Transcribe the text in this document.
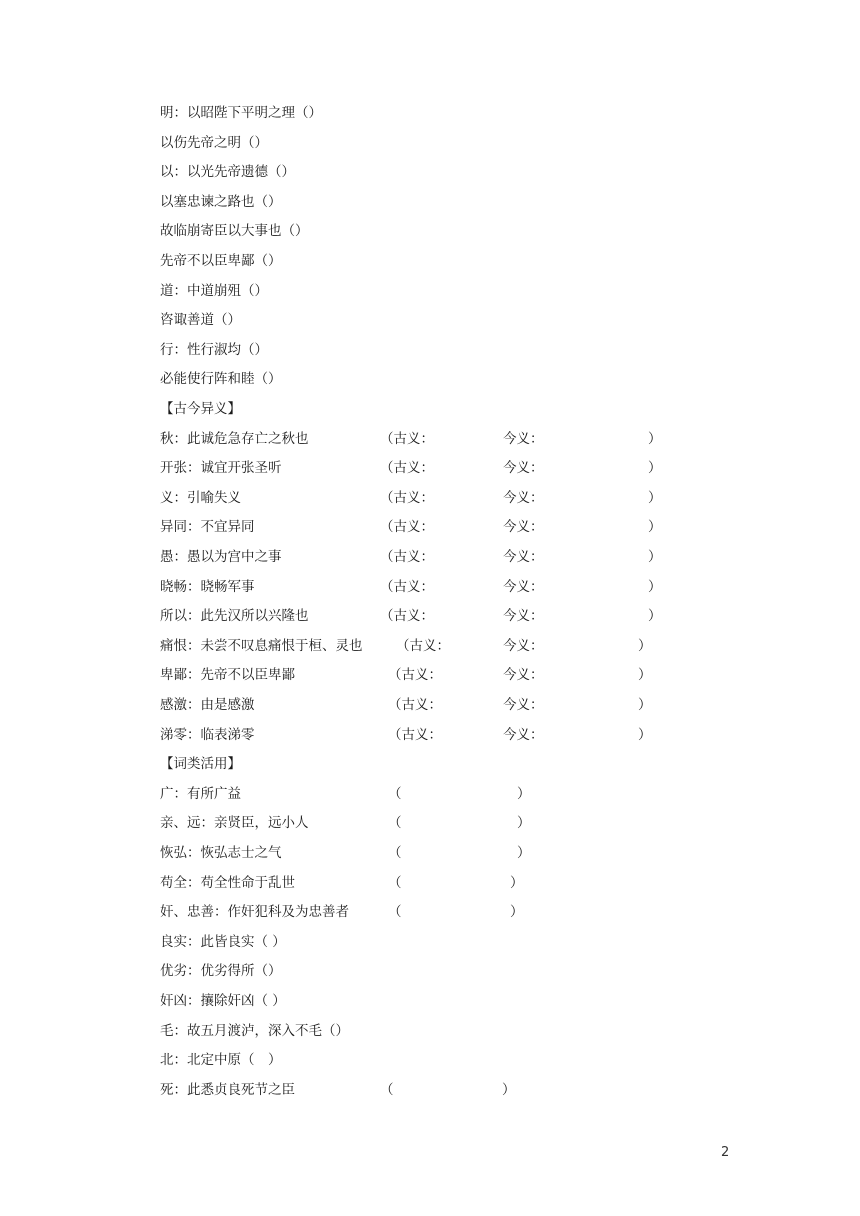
2
明：以昭陛下平明之理（）
以伤先帝之明（）
以：以光先帝遗德（）
以塞忠谏之路也（）
故临崩寄臣以大事也（）
先帝不以臣卑鄙（）
道：中道崩殂（）
咨诹善道（）
行：性行淑均（）
必能使行阵和睦（）
【古今异义】
秋：此诚危急存亡之秋也	（古义：	今义：	）
开张：诚宜开张圣听	（古义：	今义：	）
义：引喻失义	（古义：	今义：	）
异同：不宜异同	（古义：	今义：	）
愚：愚以为宫中之事	（古义：	今义：	）
晓畅：晓畅军事	（古义：	今义：	）
所以：此先汉所以兴隆也	（古义：	今义：	）
痛恨：未尝不叹息痛恨于桓、灵也 （古义：	今义：	）
卑鄙：先帝不以臣卑鄙	（古义：	今义：	）
感激：由是感激	（古义：	今义：	）
涕零：临表涕零	（古义：	今义：	）
【词类活用】
广：有所广益	（	）
亲、远：亲贤臣，远小人	（	）
恢弘：恢弘志士之气	（	）
苟全：苟全性命于乱世	（	）
奸、忠善：作奸犯科及为忠善者	（	）
良实：此皆良实（ ）
优劣：优劣得所（）
奸凶：攘除奸凶（ ）
毛：故五月渡泸，深入不毛（）
北：北定中原（　）
死：此悉贞良死节之臣	（	）
